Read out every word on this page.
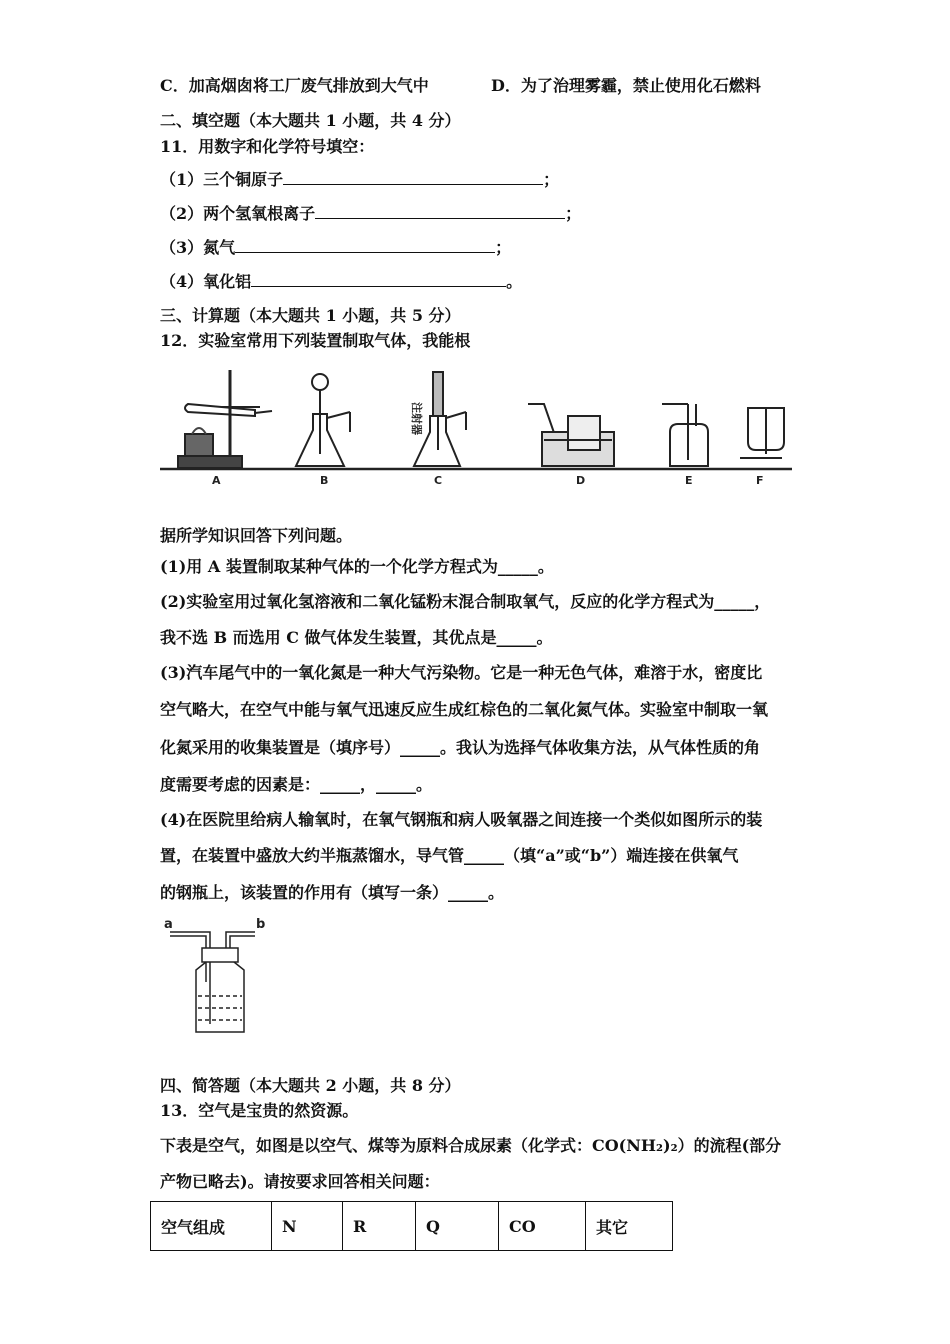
C．加高烟囱将工厂废气排放到大气中	D．为了治理雾霾，禁止使用化石燃料
二、填空题（本大题共 1 小题，共 4 分）
11．用数字和化学符号填空：
（1）三个铜原子	；
（2）两个氢氧根离子	；
（3）氮气	；
（4）氧化铝	。
三、计算题（本大题共 1 小题，共 5 分）
12．实验室常用下列装置制取气体，我能根
注射器
A	B	C	D	E	F
据所学知识回答下列问题。
(1)用 A 装置制取某种气体的一个化学方程式为_____。
(2)实验室用过氧化氢溶液和二氧化锰粉末混合制取氧气，反应的化学方程式为_____，
我不选 B 而选用 C 做气体发生装置，其优点是_____。
(3)汽车尾气中的一氧化氮是一种大气污染物。它是一种无色气体，难溶于水，密度比
空气略大，在空气中能与氧气迅速反应生成红棕色的二氧化氮气体。实验室中制取一氧
化氮采用的收集装置是（填序号）_____。我认为选择气体收集方法，从气体性质的角
度需要考虑的因素是：_____，_____。
(4)在医院里给病人输氧时，在氧气钢瓶和病人吸氧器之间连接一个类似如图所示的装
置，在装置中盛放大约半瓶蒸馏水，导气管_____（填“a”或“b”）端连接在供氧气
的钢瓶上，该装置的作用有（填写一条）_____。
a	b
四、简答题（本大题共 2 小题，共 8 分）
13．空气是宝贵的然资源。
下表是空气，如图是以空气、煤等为原料合成尿素（化学式：CO(NH₂)₂）的流程(部分
产物已略去)。请按要求回答相关问题：
空气组成	N	R	Q	CO	其它
